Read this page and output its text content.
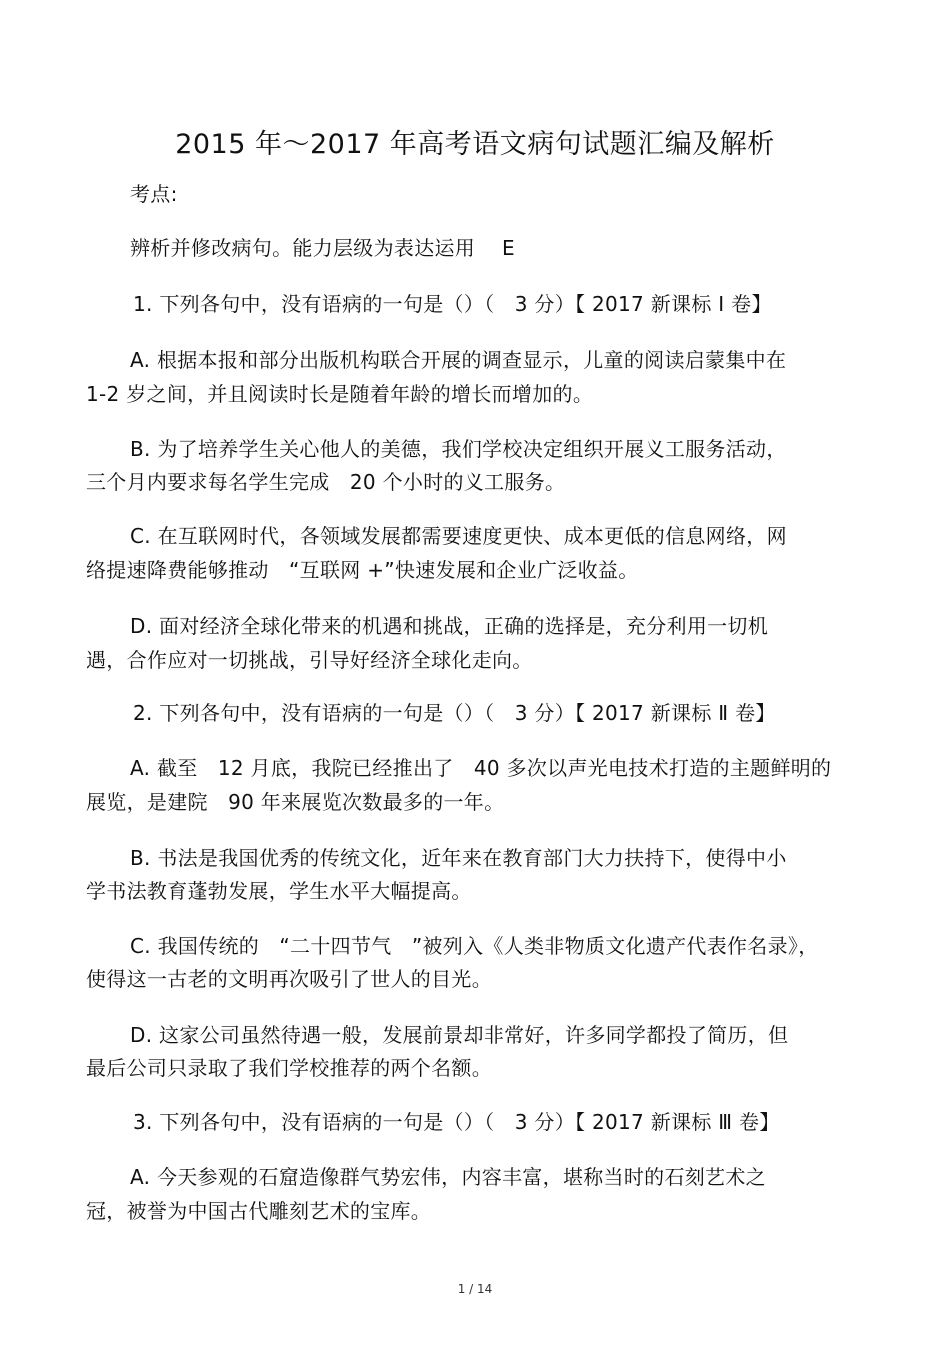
2015 年～2017 年高考语文病句试题汇编及解析
考点:
辨析并修改病句。能力层级为表达运用　 E
1. 下列各句中，没有语病的一句是（）（　3 分）【 2017 新课标 Ⅰ 卷】
A. 根据本报和部分出版机构联合开展的调查显示，儿童的阅读启蒙集中在
1-2 岁之间，并且阅读时长是随着年龄的增长而增加的。
B. 为了培养学生关心他人的美德，我们学校决定组织开展义工服务活动，
三个月内要求每名学生完成　20 个小时的义工服务。
C. 在互联网时代，各领域发展都需要速度更快、成本更低的信息网络，网
络提速降费能够推动　“互联网 +”快速发展和企业广泛收益。
D. 面对经济全球化带来的机遇和挑战，正确的选择是，充分利用一切机
遇，合作应对一切挑战，引导好经济全球化走向。
2. 下列各句中，没有语病的一句是（）（　3 分）【 2017 新课标 Ⅱ 卷】
A. 截至　12 月底，我院已经推出了　40 多次以声光电技术打造的主题鲜明的
展览，是建院　90 年来展览次数最多的一年。
B. 书法是我国优秀的传统文化，近年来在教育部门大力扶持下，使得中小
学书法教育蓬勃发展，学生水平大幅提高。
C. 我国传统的　“二十四节气　”被列入《人类非物质文化遗产代表作名录》，
使得这一古老的文明再次吸引了世人的目光。
D. 这家公司虽然待遇一般，发展前景却非常好，许多同学都投了简历，但
最后公司只录取了我们学校推荐的两个名额。
3. 下列各句中，没有语病的一句是（）（　3 分）【 2017 新课标 Ⅲ 卷】
A. 今天参观的石窟造像群气势宏伟，内容丰富，堪称当时的石刻艺术之
冠，被誉为中国古代雕刻艺术的宝库。
1 / 14
